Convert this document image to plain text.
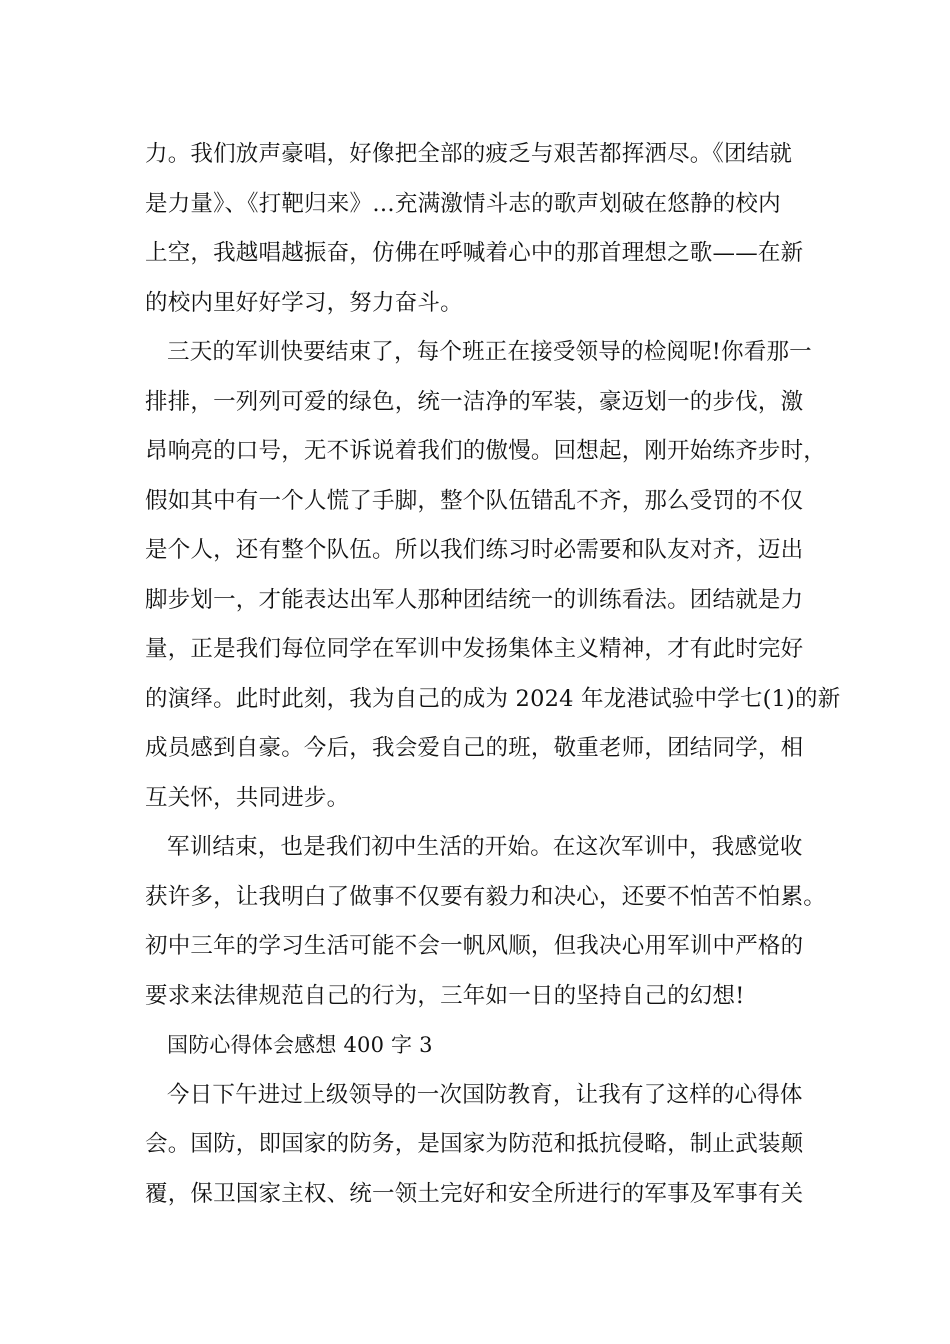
力。我们放声豪唱，好像把全部的疲乏与艰苦都挥洒尽。《团结就
是力量》、《打靶归来》…充满激情斗志的歌声划破在悠静的校内
上空，我越唱越振奋，仿佛在呼喊着心中的那首理想之歌——在新
的校内里好好学习，努力奋斗。
三天的军训快要结束了，每个班正在接受领导的检阅呢!你看那一
排排，一列列可爱的绿色，统一洁净的军装，豪迈划一的步伐，激
昂响亮的口号，无不诉说着我们的傲慢。回想起，刚开始练齐步时，
假如其中有一个人慌了手脚，整个队伍错乱不齐，那么受罚的不仅
是个人，还有整个队伍。所以我们练习时必需要和队友对齐，迈出
脚步划一，才能表达出军人那种团结统一的训练看法。团结就是力
量，正是我们每位同学在军训中发扬集体主义精神，才有此时完好
的演绎。此时此刻，我为自己的成为 2024 年龙港试验中学七(1)的新
成员感到自豪。今后，我会爱自己的班，敬重老师，团结同学，相
互关怀，共同进步。
军训结束，也是我们初中生活的开始。在这次军训中，我感觉收
获许多，让我明白了做事不仅要有毅力和决心，还要不怕苦不怕累。
初中三年的学习生活可能不会一帆风顺，但我决心用军训中严格的
要求来法律规范自己的行为，三年如一日的坚持自己的幻想!
国防心得体会感想 400 字 3
今日下午进过上级领导的一次国防教育，让我有了这样的心得体
会。国防，即国家的防务，是国家为防范和抵抗侵略，制止武装颠
覆，保卫国家主权、统一领土完好和安全所进行的军事及军事有关
